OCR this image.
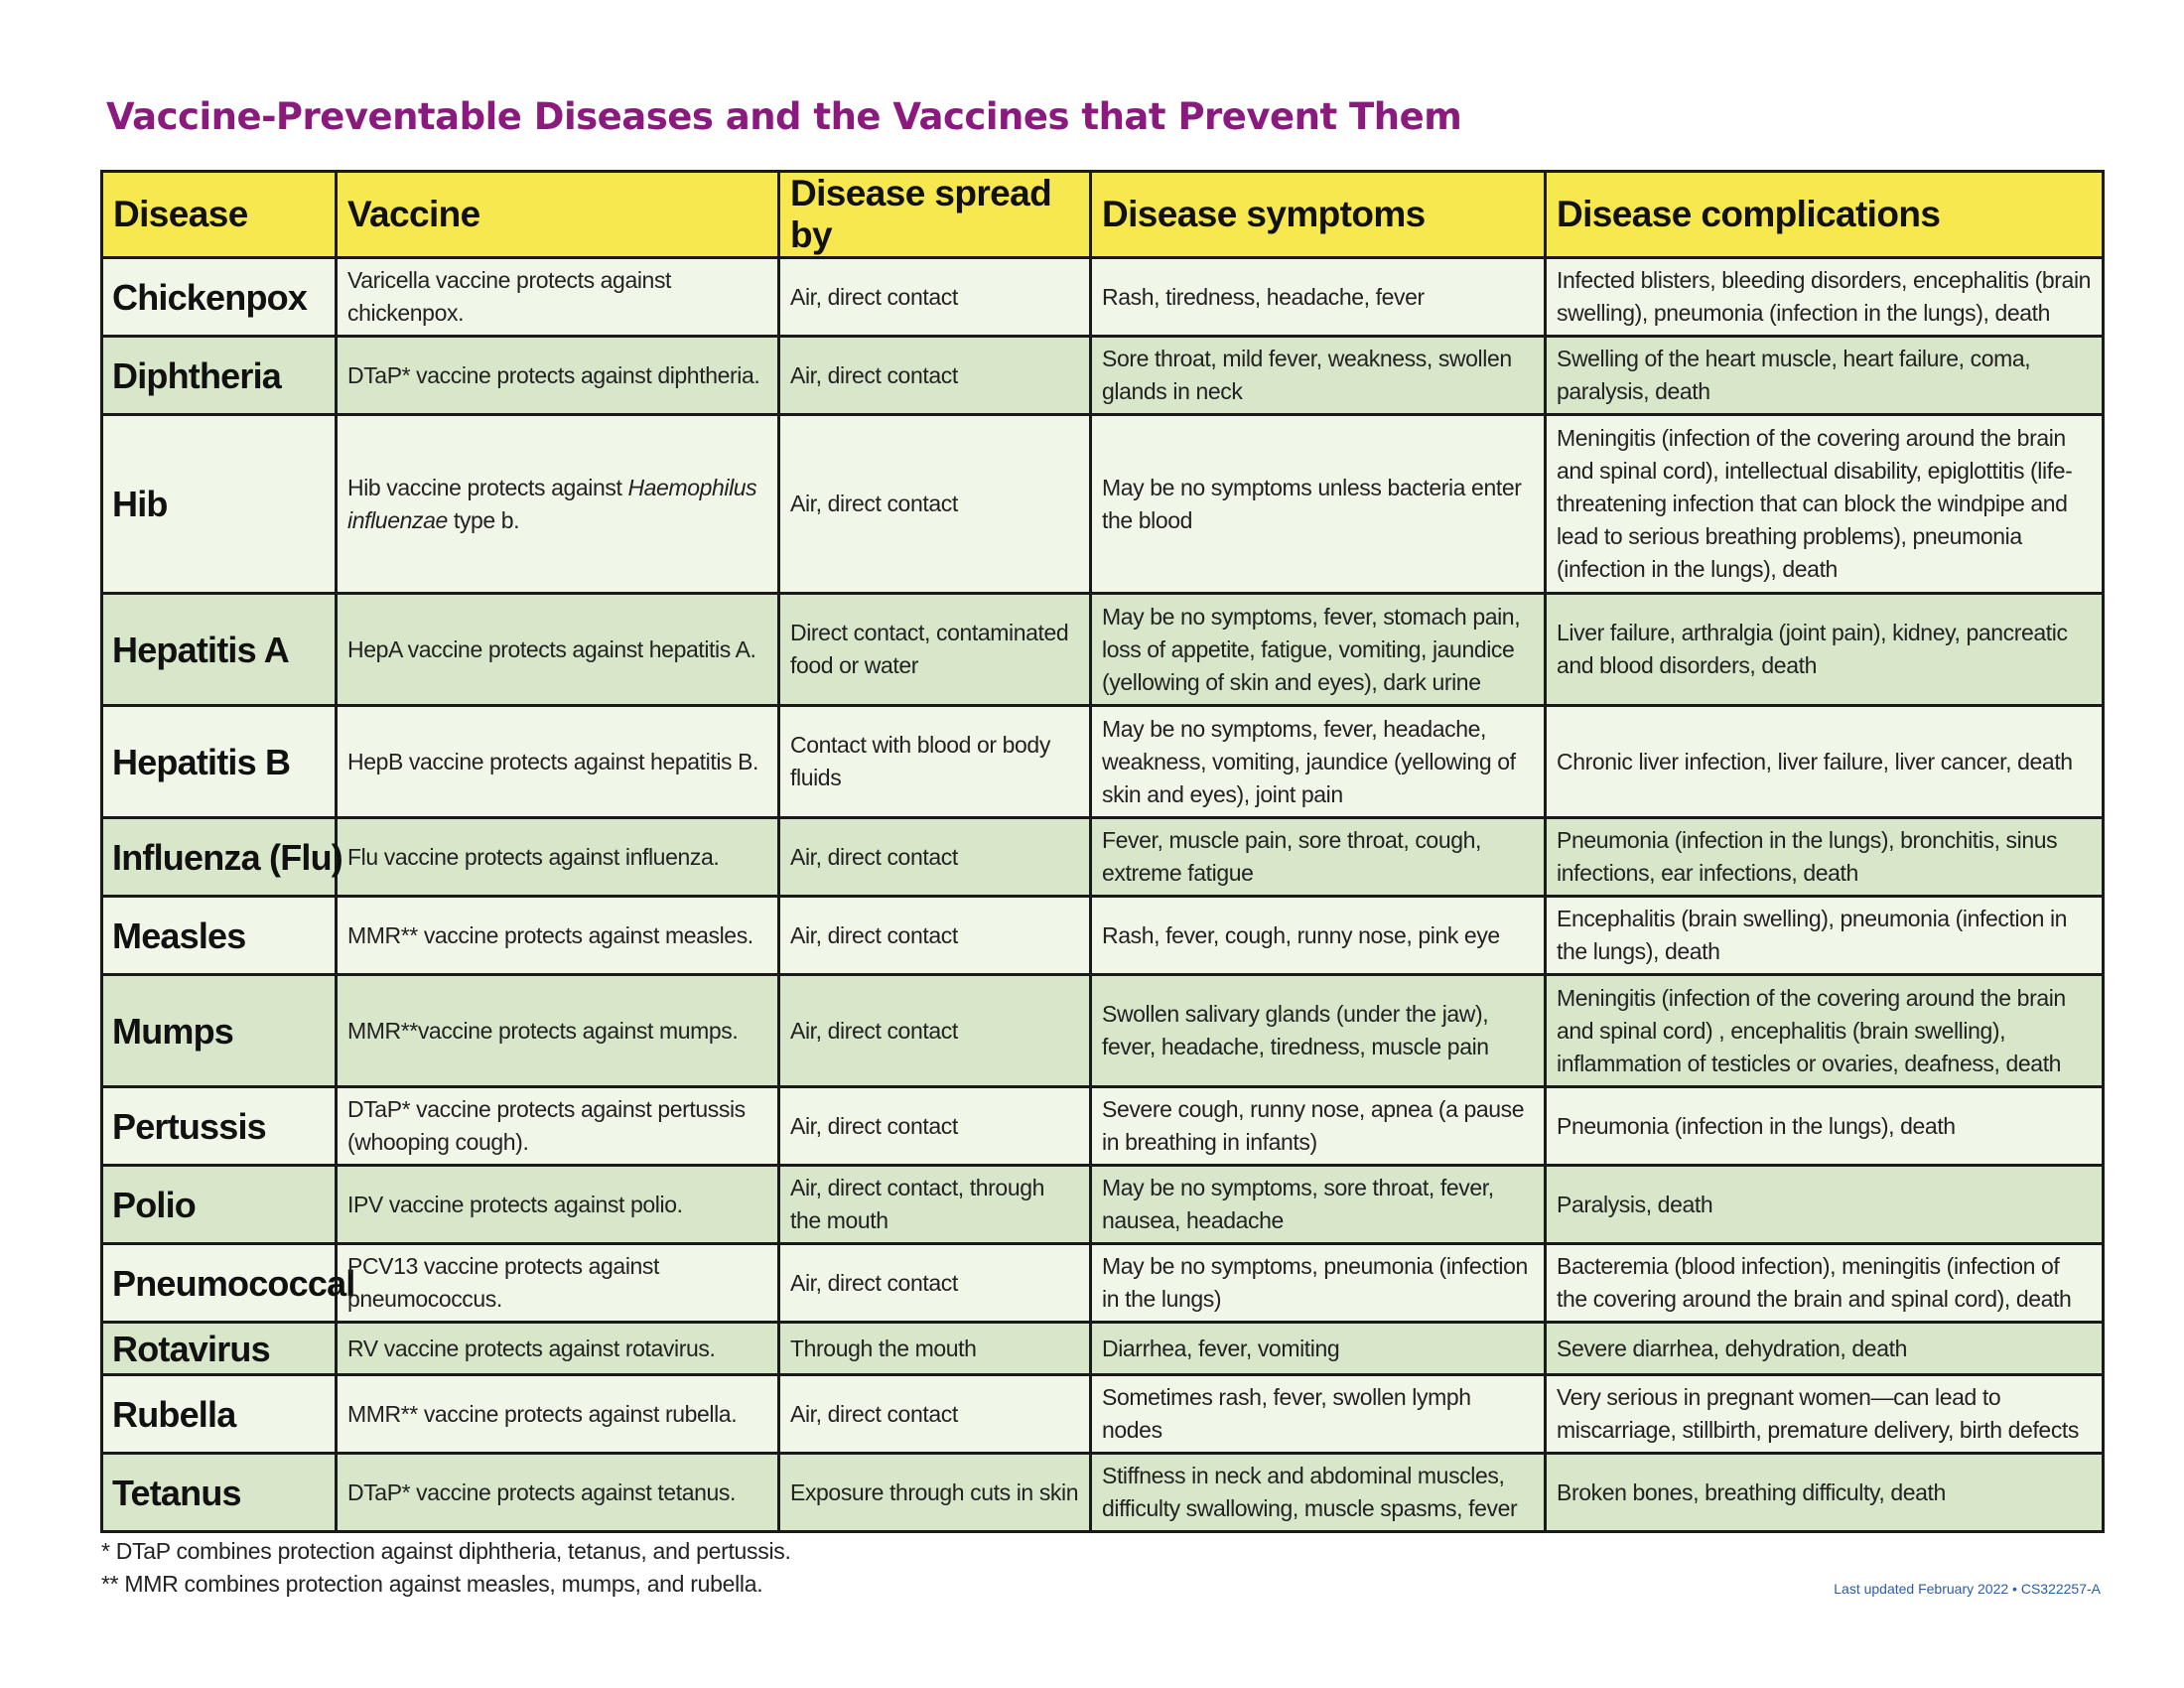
Vaccine-Preventable Diseases and the Vaccines that Prevent Them
Disease	Vaccine	Disease spread by	Disease symptoms	Disease complications
Chickenpox	Varicella vaccine protects against chickenpox.	Air, direct contact	Rash, tiredness, headache, fever	Infected blisters, bleeding disorders, encephalitis (brain swelling), pneumonia (infection in the lungs), death
Diphtheria	DTaP* vaccine protects against diphtheria.	Air, direct contact	Sore throat, mild fever, weakness, swollen glands in neck	Swelling of the heart muscle, heart failure, coma, paralysis, death
Hib	Hib vaccine protects against Haemophilus influenzae type b.	Air, direct contact	May be no symptoms unless bacteria enter the blood	Meningitis (infection of the covering around the brain and spinal cord), intellectual disability, epiglottitis (life-threatening infection that can block the windpipe and lead to serious breathing problems), pneumonia (infection in the lungs), death
Hepatitis A	HepA vaccine protects against hepatitis A.	Direct contact, contaminated food or water	May be no symptoms, fever, stomach pain, loss of appetite, fatigue, vomiting, jaundice (yellowing of skin and eyes), dark urine	Liver failure, arthralgia (joint pain), kidney, pancreatic and blood disorders, death
Hepatitis B	HepB vaccine protects against hepatitis B.	Contact with blood or body fluids	May be no symptoms, fever, headache, weakness, vomiting, jaundice (yellowing of skin and eyes), joint pain	Chronic liver infection, liver failure, liver cancer, death
Influenza (Flu)	Flu vaccine protects against influenza.	Air, direct contact	Fever, muscle pain, sore throat, cough, extreme fatigue	Pneumonia (infection in the lungs), bronchitis, sinus infections, ear infections, death
Measles	MMR** vaccine protects against measles.	Air, direct contact	Rash, fever, cough, runny nose, pink eye	Encephalitis (brain swelling), pneumonia (infection in the lungs), death
Mumps	MMR**vaccine protects against mumps.	Air, direct contact	Swollen salivary glands (under the jaw), fever, headache, tiredness, muscle pain	Meningitis (infection of the covering around the brain and spinal cord) , encephalitis (brain swelling), inflammation of testicles or ovaries, deafness, death
Pertussis	DTaP* vaccine protects against pertussis (whooping cough).	Air, direct contact	Severe cough, runny nose, apnea (a pause in breathing in infants)	Pneumonia (infection in the lungs), death
Polio	IPV vaccine protects against polio.	Air, direct contact, through the mouth	May be no symptoms, sore throat, fever, nausea, headache	Paralysis, death
Pneumococcal	PCV13 vaccine protects against pneumococcus.	Air, direct contact	May be no symptoms, pneumonia (infection in the lungs)	Bacteremia (blood infection), meningitis (infection of the covering around the brain and spinal cord), death
Rotavirus	RV vaccine protects against rotavirus.	Through the mouth	Diarrhea, fever, vomiting	Severe diarrhea, dehydration, death
Rubella	MMR** vaccine protects against rubella.	Air, direct contact	Sometimes rash, fever, swollen lymph nodes	Very serious in pregnant women—can lead to miscarriage, stillbirth, premature delivery, birth defects
Tetanus	DTaP* vaccine protects against tetanus.	Exposure through cuts in skin	Stiffness in neck and abdominal muscles, difficulty swallowing, muscle spasms, fever	Broken bones, breathing difficulty, death
* DTaP combines protection against diphtheria, tetanus, and pertussis.
** MMR combines protection against measles, mumps, and rubella.	Last updated February 2022 • CS322257-A
